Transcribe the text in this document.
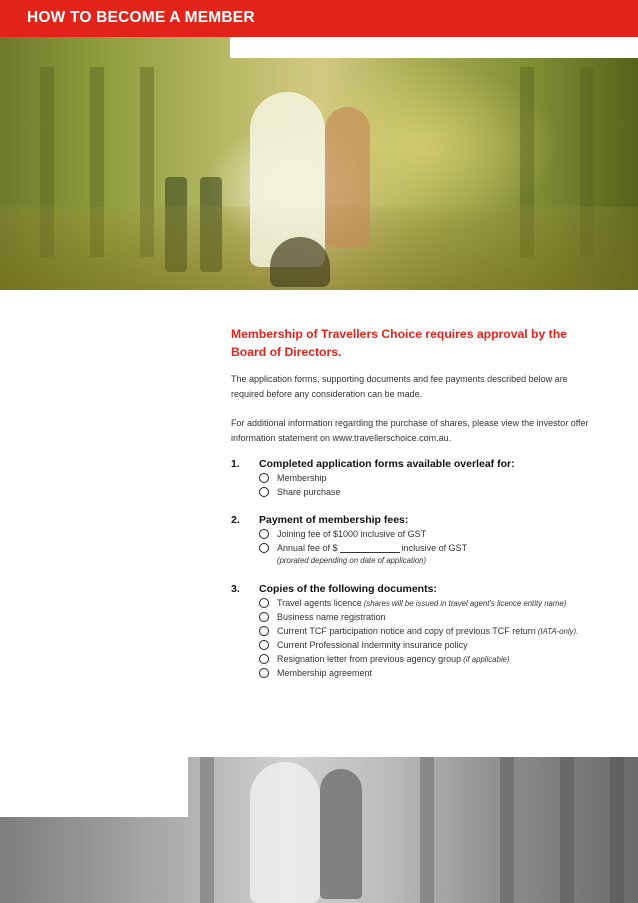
HOW TO BECOME A MEMBER

Membership of Travellers Choice requires approval by the Board of Directors.

The application forms, supporting documents and fee payments described below are required before any consideration can be made.

For additional information regarding the purchase of shares, please view the investor offer information statement on www.travellerschoice.com.au.

1.	Completed application forms available overleaf for:
Membership
Share purchase
2.	Payment of membership fees:
Joining fee of $1000 inclusive of GST
Annual fee of $	inclusive of GST
(prorated depending on date of application)
3.	Copies of the following documents:
Travel agents licence (shares will be issued in travel agent's licence entity name)
Business name registration
Current TCF participation notice and copy of previous TCF return (IATA-only).
Current Professional Indemnity insurance policy
Resignation letter from previous agency group (if applicable)
Membership agreement
